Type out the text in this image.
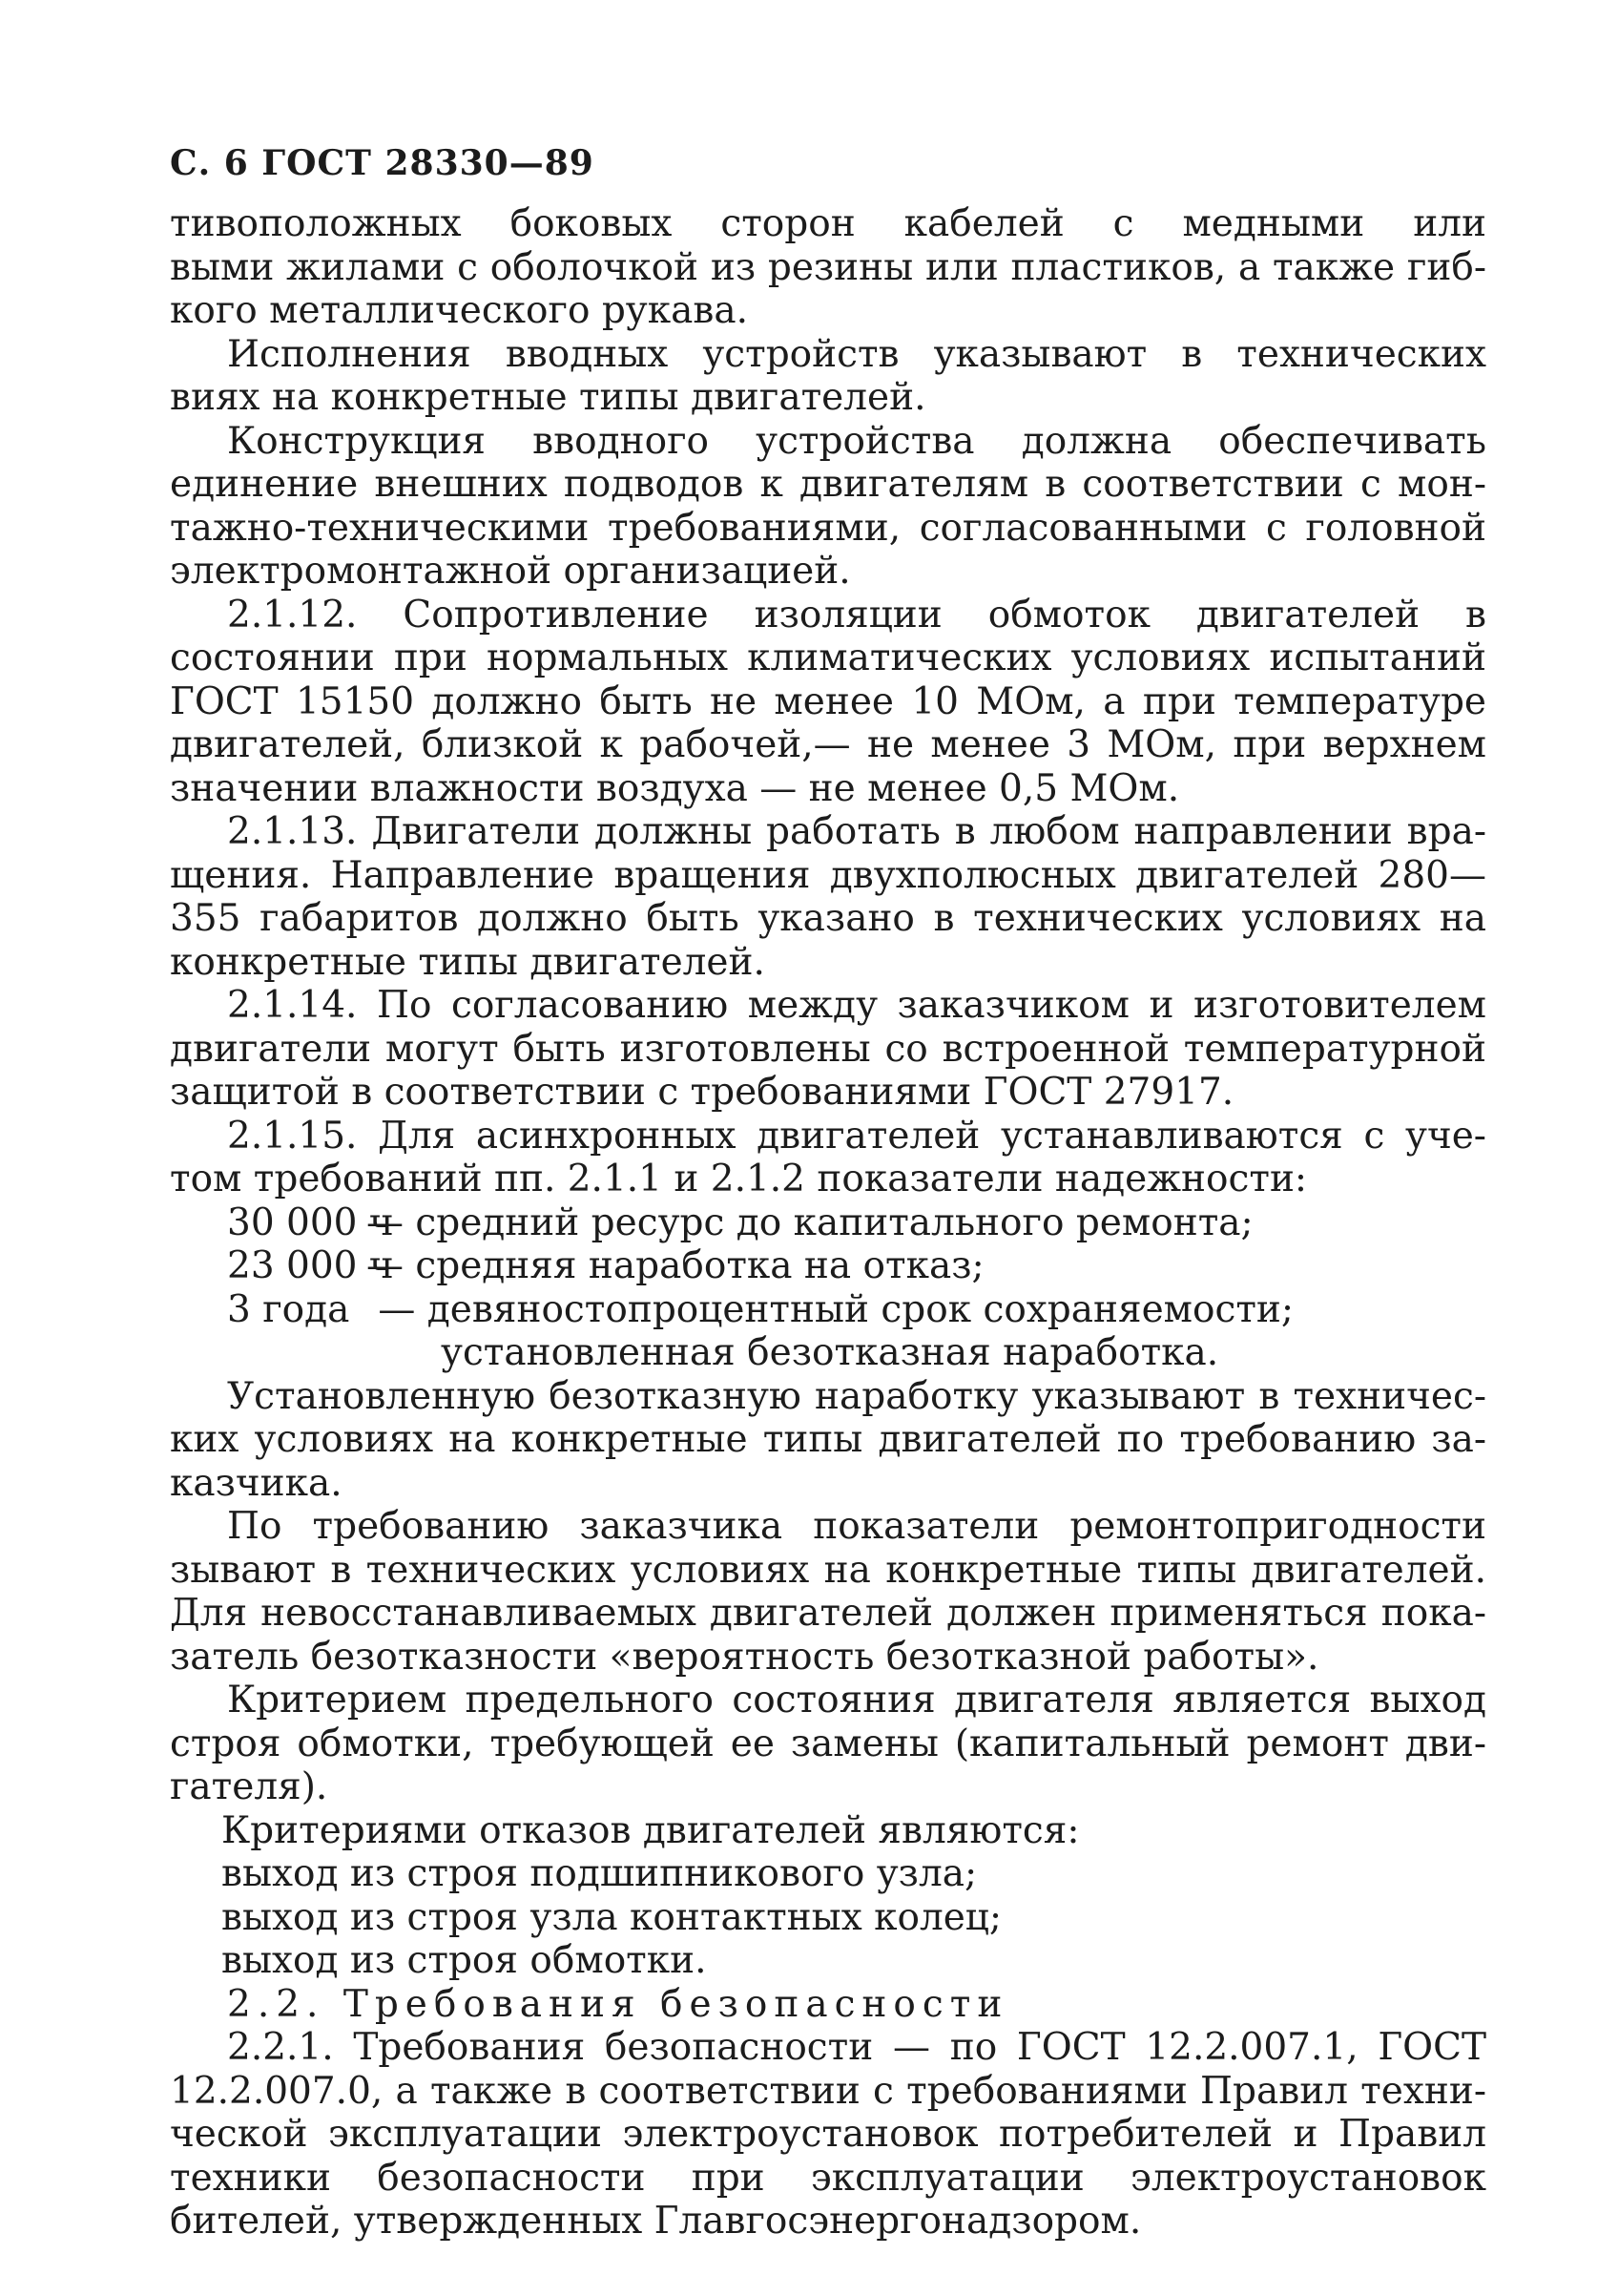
С. 6 ГОСТ 28330—89
тивоположных боковых сторон кабелей с медными или
выми жилами с оболочкой из резины или пластиков, а также гиб-
кого металлического рукава.
Исполнения вводных устройств указывают в технических
виях на конкретные типы двигателей.
Конструкция вводного устройства должна обеспечивать
единение внешних подводов к двигателям в соответствии с мон-
тажно-техническими требованиями, согласованными с головной
электромонтажной организацией.
2.1.12. Сопротивление изоляции обмоток двигателей в
состоянии при нормальных климатических условиях испытаний
ГОСТ 15150 должно быть не менее 10 МОм, а при температуре
двигателей, близкой к рабочей,— не менее 3 МОм, при верхнем
значении влажности воздуха — не менее 0,5 МОм.
2.1.13. Двигатели должны работать в любом направлении вра-
щения. Направление вращения двухполюсных двигателей 280—
355 габаритов должно быть указано в технических условиях на
конкретные типы двигателей.
2.1.14. По согласованию между заказчиком и изготовителем
двигатели могут быть изготовлены со встроенной температурной
защитой в соответствии с требованиями ГОСТ 27917.
2.1.15. Для асинхронных двигателей устанавливаются с уче-
том требований пп. 2.1.1 и 2.1.2 показатели надежности:
30 000 ч— средний ресурс до капитального ремонта;
23 000 ч— средняя наработка на отказ;
3 года — девяностопроцентный срок сохраняемости;
установленная безотказная наработка.
Установленную безотказную наработку указывают в техничес-
ких условиях на конкретные типы двигателей по требованию за-
казчика.
По требованию заказчика показатели ремонтопригодности
зывают в технических условиях на конкретные типы двигателей.
Для невосстанавливаемых двигателей должен применяться пока-
затель безотказности «вероятность безотказной работы».
Критерием предельного состояния двигателя является выход
строя обмотки, требующей ее замены (капитальный ремонт дви-
гателя).
Критериями отказов двигателей являются:
выход из строя подшипникового узла;
выход из строя узла контактных колец;
выход из строя обмотки.
2.2. Требования безопасности
2.2.1. Требования безопасности — по ГОСТ 12.2.007.1, ГОСТ
12.2.007.0, а также в соответствии с требованиями Правил техни-
ческой эксплуатации электроустановок потребителей и Правил
техники безопасности при эксплуатации электроустановок
бителей, утвержденных Главгосэнергонадзором.
